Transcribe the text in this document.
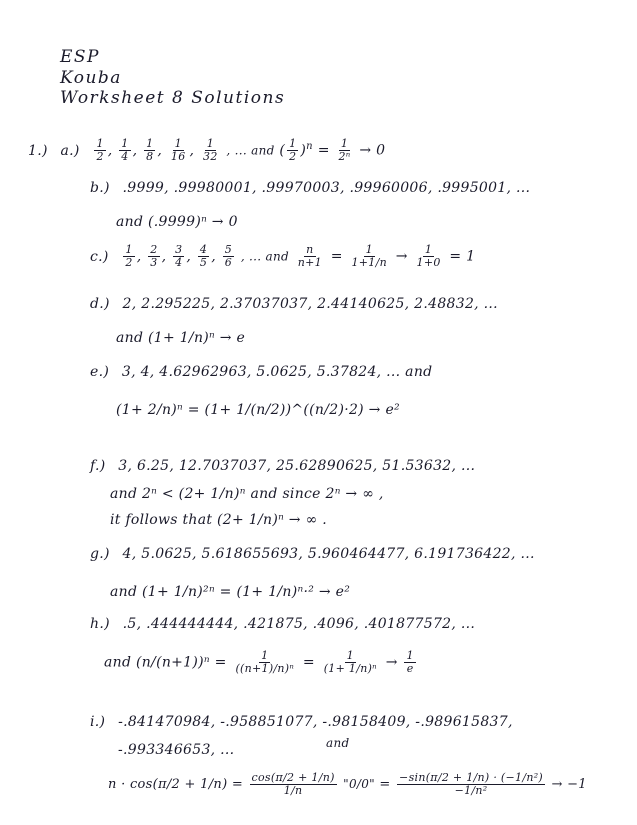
ESP
Kouba
Worksheet 8 Solutions
1.) $a.) \frac{1}{2}$ , $\frac{1}{4}$ , $\frac{1}{8}$ , $\frac{1}{16}$ , $\frac{1}{32}$ , ... and ( $\frac{1}{2} )^n = \frac{1}{\text{2ⁿ}} \to 0$
b.) .9999, .99980001, .99970003, .99960006, .9995001, ...
and (.9999)ⁿ → 0
$c.) \frac{1}{2}$ , $\frac{2}{3}$ , $\frac{3}{4}$ , $\frac{4}{5}$ , $\frac{5}{6}$ , ... and $\frac{n}{n+1} = \frac{1}{1+1/n} \to \frac{1}{1+0} = 1$
d.) 2, 2.295225, 2.37037037, 2.44140625, 2.48832, ...
and (1+ 1/n)ⁿ → e
e.) 3, 4, 4.62962963, 5.0625, 5.37824, ... and
(1+ 2/n)ⁿ = (1+ 1/(n/2))^((n/2)·2) → e²
f.) 3, 6.25, 12.7037037, 25.62890625, 51.53632, ...
and 2ⁿ < (2+ 1/n)ⁿ and since 2ⁿ → ∞ ,
it follows that (2+ 1/n)ⁿ → ∞ .
g.) 4, 5.0625, 5.618655693, 5.960464477, 6.191736422, ...
and (1+ 1/n)²ⁿ = (1+ 1/n)ⁿ·² → e²
h.) .5, .444444444, .421875, .4096, .401877572, ...
and $(n/(n+1))^n = \frac{1}{\text{((n+1)/n)ⁿ}} = \frac{1}{\text{(1+ 1/n)ⁿ}} \to \frac{1}{e}$
i.) -.841470984, -.958851077, -.98158409, -.989615837,
-.993346653, ...	and
$n \cdot \cos(\pi/2 + 1/n) = \frac{\cos(\pi/2 + 1/n)}{1/n}$ "0/0" = $\frac{\text{−sin(π/2 + 1/n) · (−1/n²)}}{\text{−1/n²}} \to -1$
